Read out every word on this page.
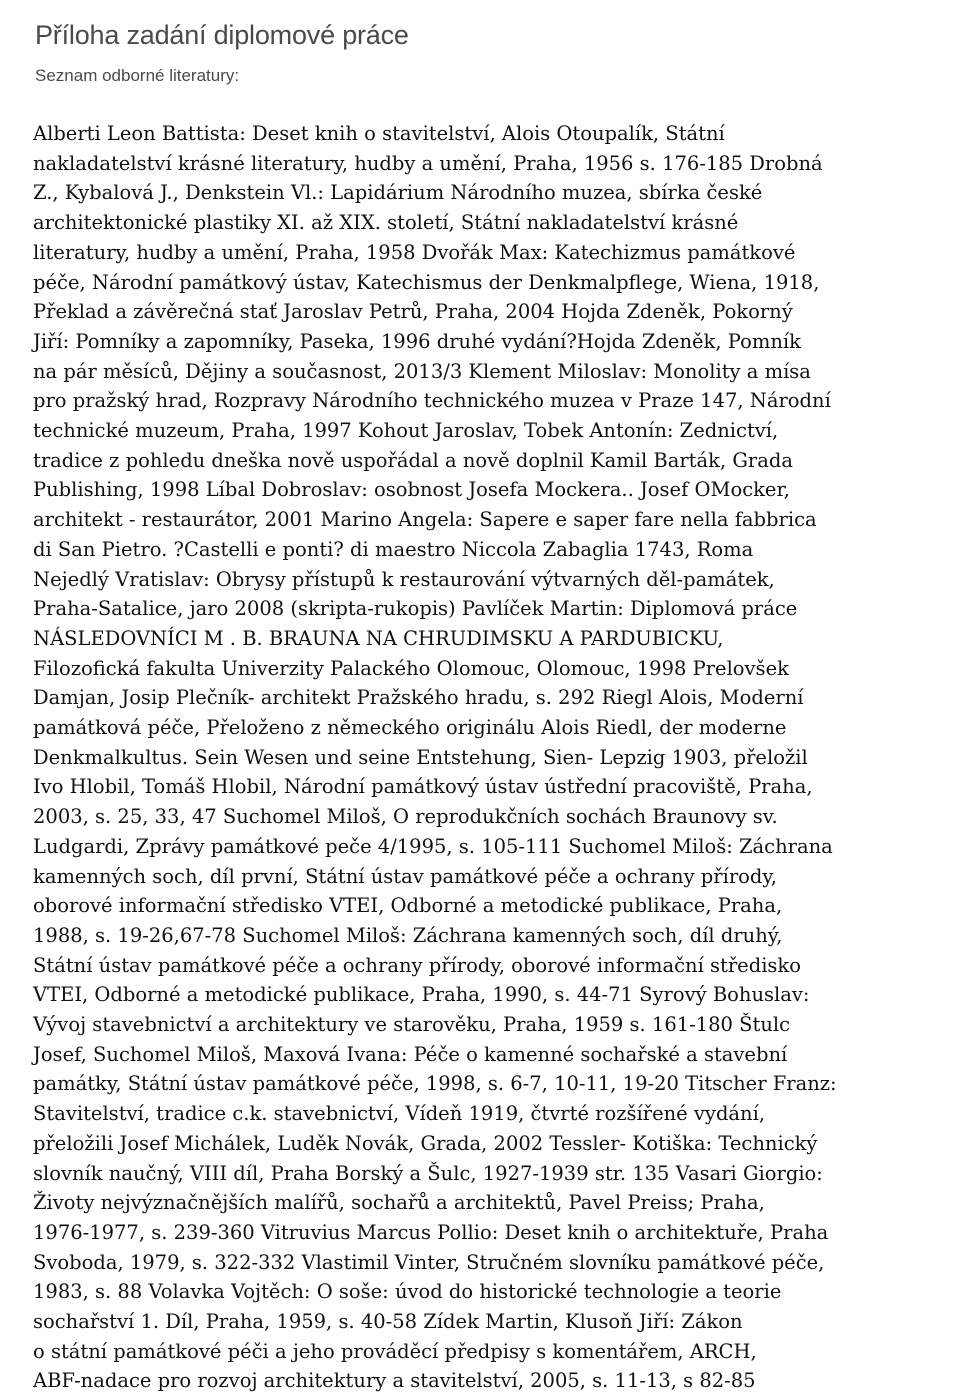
Příloha zadání diplomové práce
Seznam odborné literatury:
Alberti Leon Battista: Deset knih o stavitelství, Alois Otoupalík, Státní
nakladatelství krásné literatury, hudby a umění, Praha, 1956 s. 176-185 Drobná
Z., Kybalová J., Denkstein Vl.: Lapidárium Národního muzea, sbírka české
architektonické plastiky XI. až XIX. století, Státní nakladatelství krásné
literatury, hudby a umění, Praha, 1958 Dvořák Max: Katechizmus památkové
péče, Národní památkový ústav, Katechismus der Denkmalpflege, Wiena, 1918,
Překlad a závěrečná stať Jaroslav Petrů, Praha, 2004 Hojda Zdeněk, Pokorný
Jiří: Pomníky a zapomníky, Paseka, 1996 druhé vydání?Hojda Zdeněk, Pomník
na pár měsíců, Dějiny a současnost, 2013/3 Klement Miloslav: Monolity a mísa
pro pražský hrad, Rozpravy Národního technického muzea v Praze 147, Národní
technické muzeum, Praha, 1997 Kohout Jaroslav, Tobek Antonín: Zednictví,
tradice z pohledu dneška nově uspořádal a nově doplnil Kamil Barták, Grada
Publishing, 1998 Líbal Dobroslav: osobnost Josefa Mockera.. Josef OMocker,
architekt - restaurátor, 2001 Marino Angela: Sapere e saper fare nella fabbrica
di San Pietro. ?Castelli e ponti? di maestro Niccola Zabaglia 1743, Roma
Nejedlý Vratislav: Obrysy přístupů k restaurování výtvarných děl-památek,
Praha-Satalice, jaro 2008 (skripta-rukopis) Pavlíček Martin: Diplomová práce
NÁSLEDOVNÍCI M . B. BRAUNA NA CHRUDIMSKU A PARDUBICKU,
Filozofická fakulta Univerzity Palackého Olomouc, Olomouc, 1998 Prelovšek
Damjan, Josip Plečník- architekt Pražského hradu, s. 292 Riegl Alois, Moderní
památková péče, Přeloženo z německého originálu Alois Riedl, der moderne
Denkmalkultus. Sein Wesen und seine Entstehung, Sien- Lepzig 1903, přeložil
Ivo Hlobil, Tomáš Hlobil, Národní památkový ústav ústřední pracoviště, Praha,
2003, s. 25, 33, 47 Suchomel Miloš, O reprodukčních sochách Braunovy sv.
Ludgardi, Zprávy památkové peče 4/1995, s. 105-111 Suchomel Miloš: Záchrana
kamenných soch, díl první, Státní ústav památkové péče a ochrany přírody,
oborové informační středisko VTEI, Odborné a metodické publikace, Praha,
1988, s. 19-26,67-78 Suchomel Miloš: Záchrana kamenných soch, díl druhý,
Státní ústav památkové péče a ochrany přírody, oborové informační středisko
VTEI, Odborné a metodické publikace, Praha, 1990, s. 44-71 Syrový Bohuslav:
Vývoj stavebnictví a architektury ve starověku, Praha, 1959 s. 161-180 Štulc
Josef, Suchomel Miloš, Maxová Ivana: Péče o kamenné sochařské a stavební
památky, Státní ústav památkové péče, 1998, s. 6-7, 10-11, 19-20 Titscher Franz:
Stavitelství, tradice c.k. stavebnictví, Vídeň 1919, čtvrté rozšířené vydání,
přeložili Josef Michálek, Luděk Novák, Grada, 2002 Tessler- Kotiška: Technický
slovník naučný, VIII díl, Praha Borský a Šulc, 1927-1939 str. 135 Vasari Giorgio:
Životy nejvýznačnějších malířů, sochařů a architektů, Pavel Preiss; Praha,
1976-1977, s. 239-360 Vitruvius Marcus Pollio: Deset knih o architektuře, Praha
Svoboda, 1979, s. 322-332 Vlastimil Vinter, Stručném slovníku památkové péče,
1983, s. 88 Volavka Vojtěch: O soše: úvod do historické technologie a teorie
sochařství 1. Díl, Praha, 1959, s. 40-58 Zídek Martin, Klusoň Jiří: Zákon
o státní památkové péči a jeho prováděcí předpisy s komentářem, ARCH,
ABF-nadace pro rozvoj architektury a stavitelství, 2005, s. 11-13, s 82-85
